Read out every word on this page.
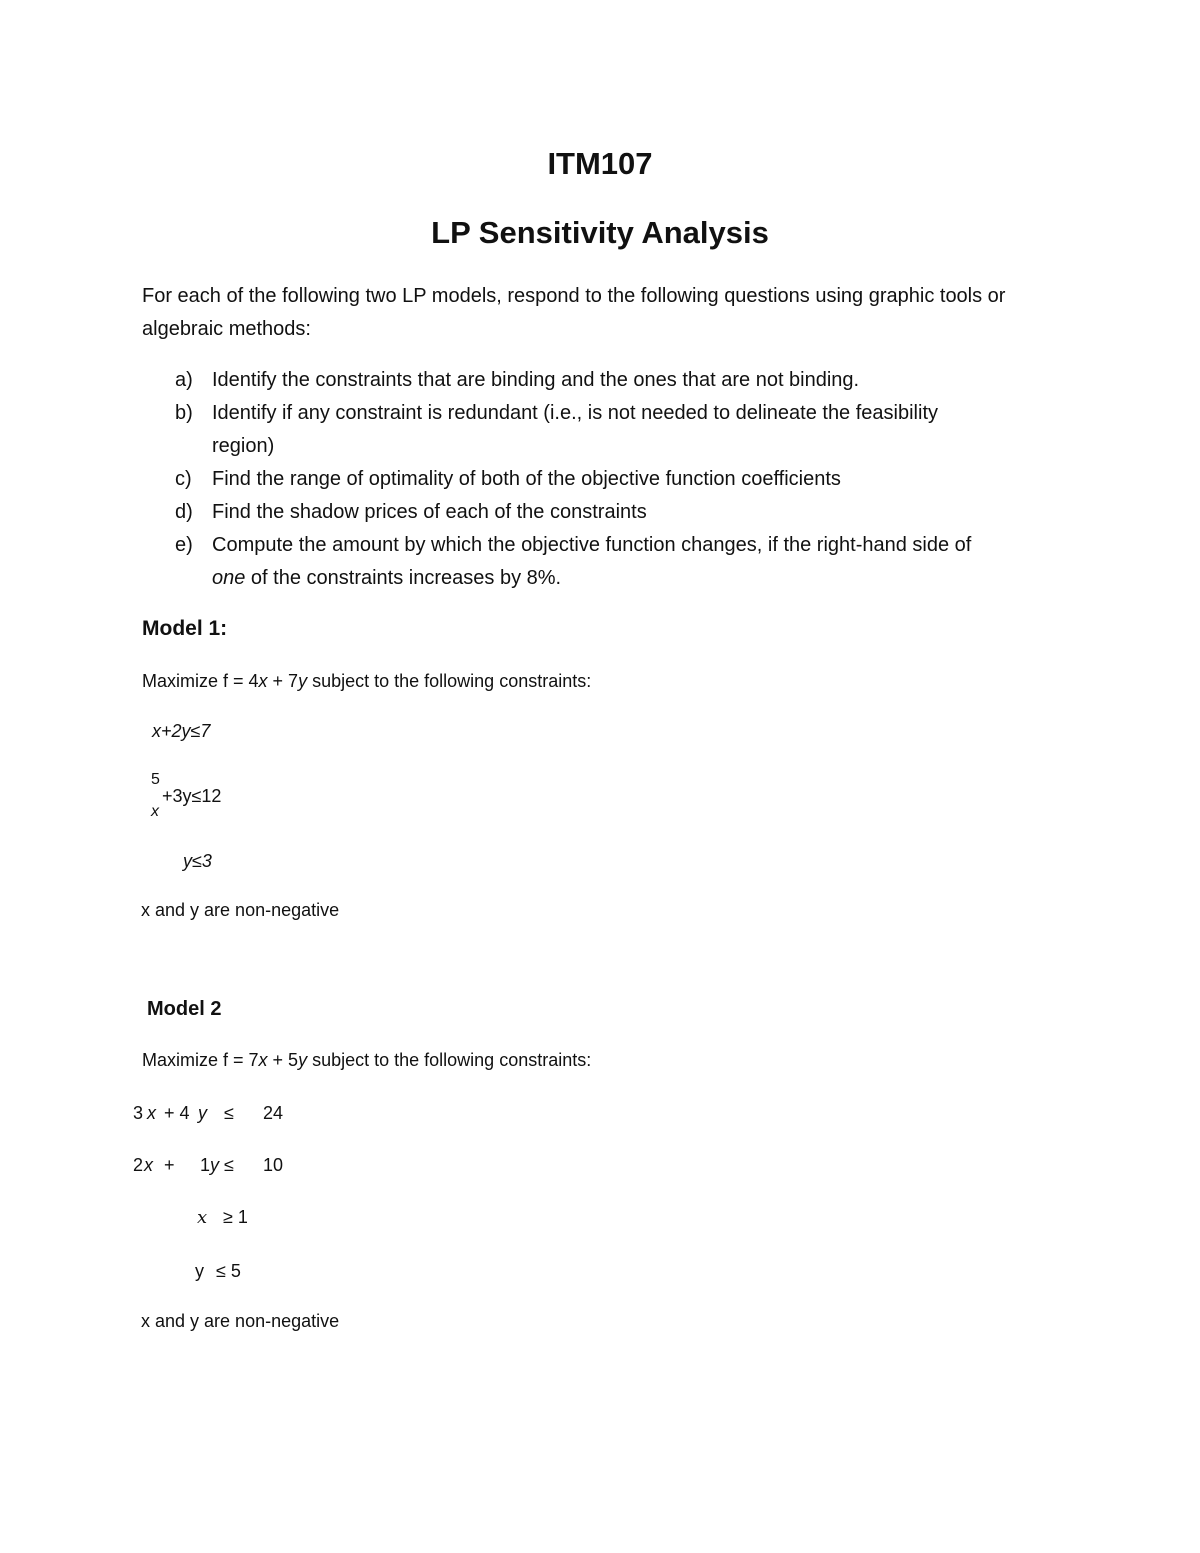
ITM107
LP Sensitivity Analysis
For each of the following two LP models, respond to the following questions using graphic tools or algebraic methods:
a) Identify the constraints that are binding and the ones that are not binding.
b) Identify if any constraint is redundant (i.e., is not needed to delineate the feasibility
region)
c)	Find the range of optimality of both of the objective function coefficients
d) Find the shadow prices of each of the constraints
e) Compute the amount by which the objective function changes, if the right-hand side of
one of the constraints increases by 8%.
Model 1:
Maximize f = 4x + 7y subject to the following constraints:
x+2y≤7
5
+3y≤12
x
y≤3
x and y are non-negative
Model 2
Maximize f = 7x + 5y subject to the following constraints:
3 x + 4 y ≤ 24
2 x + 1 y ≤ 10
x ≥ 1
y ≤ 5
x and y are non-negative
